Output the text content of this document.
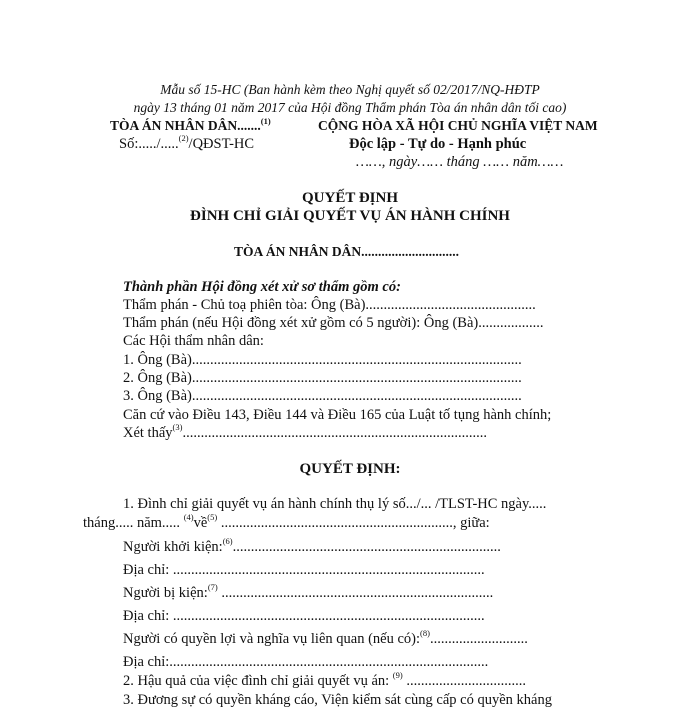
Mẫu số 15-HC (Ban hành kèm theo Nghị quyết số 02/2017/NQ-HĐTP
ngày 13 tháng 01 năm 2017 của Hội đồng Thẩm phán Tòa án nhân dân tối cao)
TÒA ÁN NHÂN DÂN.......$^{(1)}$
Số:...../.....$^{(2)}$/QĐST-HC
CỘNG HÒA XÃ HỘI CHỦ NGHĨA VIỆT NAM
Độc lập - Tự do - Hạnh phúc
……, ngày…… tháng …… năm……
QUYẾT ĐỊNH
ĐÌNH CHỈ GIẢI QUYẾT VỤ ÁN HÀNH CHÍNH
TÒA ÁN NHÂN DÂN.............................
Thành phần Hội đồng xét xử sơ thẩm gồm có:
Thẩm phán - Chủ toạ phiên tòa: Ông (Bà)...............................................
Thẩm phán (nếu Hội đồng xét xử gồm có 5 người): Ông (Bà)..................
Các Hội thẩm nhân dân:
1. Ông (Bà)...........................................................................................
2. Ông (Bà)...........................................................................................
3. Ông (Bà)...........................................................................................
Căn cứ vào Điều 143, Điều 144 và Điều 165 của Luật tố tụng hành chính;
Xét thấy$^{(3)}$....................................................................................
QUYẾT ĐỊNH:
1. Đình chỉ giải quyết vụ án hành chính thụ lý số.../... /TLST-HC ngày.....
tháng..... năm..... $^{(4)}$về$^{(5)}$ ................................................................, giữa:
Người khởi kiện:$^{(6)}$..........................................................................
Địa chỉ: ......................................................................................
Người bị kiện:$^{(7)}$ ...........................................................................
Địa chỉ: ......................................................................................
Người có quyền lợi và nghĩa vụ liên quan (nếu có):$^{(8)}$...........................
Địa chỉ:........................................................................................
2. Hậu quả của việc đình chỉ giải quyết vụ án: $^{(9)}$ .................................
3. Đương sự có quyền kháng cáo, Viện kiểm sát cùng cấp có quyền kháng
